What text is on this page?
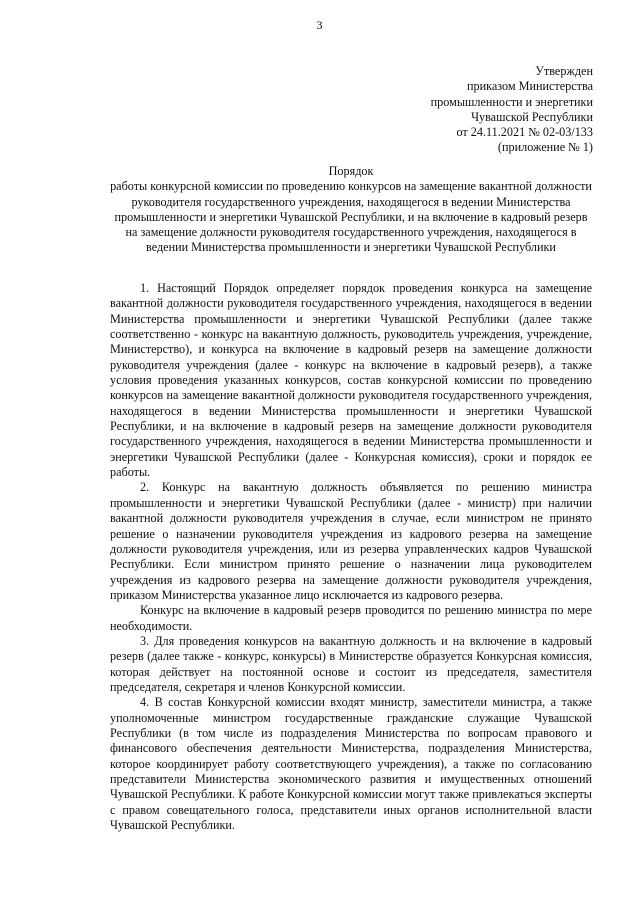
3
Утвержден
приказом Министерства
промышленности и энергетики
Чувашской Республики
от 24.11.2021 № 02-03/133
(приложение № 1)
Порядок
работы конкурсной комиссии по проведению конкурсов на замещение вакантной должности руководителя государственного учреждения, находящегося в ведении Министерства промышленности и энергетики Чувашской Республики, и на включение в кадровый резерв на замещение должности руководителя государственного учреждения, находящегося в ведении Министерства промышленности и энергетики Чувашской Республики

1. Настоящий Порядок определяет порядок проведения конкурса на замещение вакантной должности руководителя государственного учреждения, находящегося в ведении Министерства промышленности и энергетики Чувашской Республики (далее также соответственно - конкурс на вакантную должность, руководитель учреждения, учреждение, Министерство), и конкурса на включение в кадровый резерв на замещение должности руководителя учреждения (далее - конкурс на включение в кадровый резерв), а также условия проведения указанных конкурсов, состав конкурсной комиссии по проведению конкурсов на замещение вакантной должности руководителя государственного учреждения, находящегося в ведении Министерства промышленности и энергетики Чувашской Республики, и на включение в кадровый резерв на замещение должности руководителя государственного учреждения, находящегося в ведении Министерства промышленности и энергетики Чувашской Республики (далее - Конкурсная комиссия), сроки и порядок ее работы.

2. Конкурс на вакантную должность объявляется по решению министра промышленности и энергетики Чувашской Республики (далее - министр) при наличии вакантной должности руководителя учреждения в случае, если министром не принято решение о назначении руководителя учреждения из кадрового резерва на замещение должности руководителя учреждения, или из резерва управленческих кадров Чувашской Республики. Если министром принято решение о назначении лица руководителем учреждения из кадрового резерва на замещение должности руководителя учреждения, приказом Министерства указанное лицо исключается из кадрового резерва.

Конкурс на включение в кадровый резерв проводится по решению министра по мере необходимости.

3. Для проведения конкурсов на вакантную должность и на включение в кадровый резерв (далее также - конкурс, конкурсы) в Министерстве образуется Конкурсная комиссия, которая действует на постоянной основе и состоит из председателя, заместителя председателя, секретаря и членов Конкурсной комиссии.

4. В состав Конкурсной комиссии входят министр, заместители министра, а также уполномоченные министром государственные гражданские служащие Чувашской Республики (в том числе из подразделения Министерства по вопросам правового и финансового обеспечения деятельности Министерства, подразделения Министерства, которое координирует работу соответствующего учреждения), а также по согласованию представители Министерства экономического развития и имущественных отношений Чувашской Республики. К работе Конкурсной комиссии могут также привлекаться эксперты с правом совещательного голоса, представители иных органов исполнительной власти Чувашской Республики.
